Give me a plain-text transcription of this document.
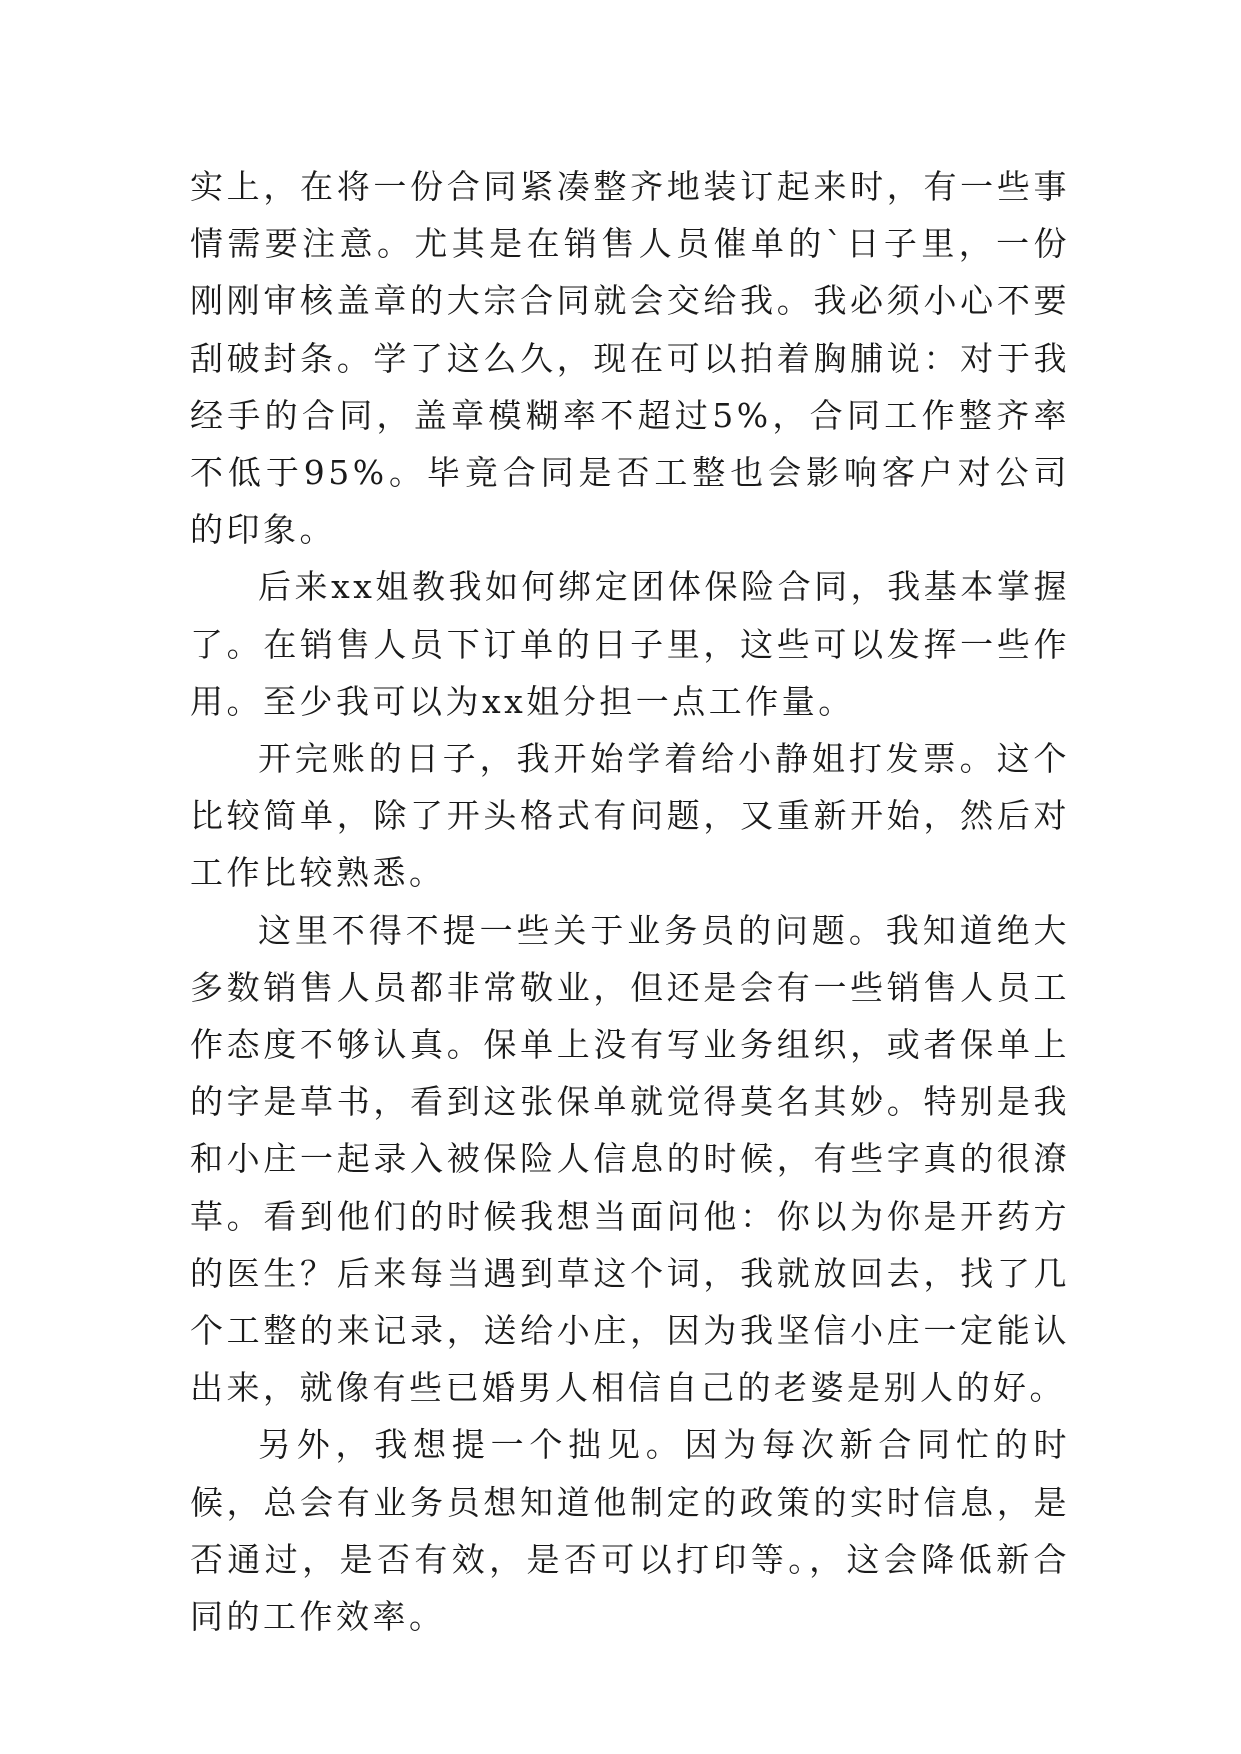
实上，在将一份合同紧凑整齐地装订起来时，有一些事情需要注意。尤其是在销售人员催单的`日子里，一份刚刚审核盖章的大宗合同就会交给我。我必须小心不要刮破封条。学了这么久，现在可以拍着胸脯说：对于我经手的合同，盖章模糊率不超过5%，合同工作整齐率不低于95%。毕竟合同是否工整也会影响客户对公司的印象。

后来xx姐教我如何绑定团体保险合同，我基本掌握了。在销售人员下订单的日子里，这些可以发挥一些作用。至少我可以为xx姐分担一点工作量。

开完账的日子，我开始学着给小静姐打发票。这个比较简单，除了开头格式有问题，又重新开始，然后对工作比较熟悉。

这里不得不提一些关于业务员的问题。我知道绝大多数销售人员都非常敬业，但还是会有一些销售人员工作态度不够认真。保单上没有写业务组织，或者保单上的字是草书，看到这张保单就觉得莫名其妙。特别是我和小庄一起录入被保险人信息的时候，有些字真的很潦草。看到他们的时候我想当面问他：你以为你是开药方的医生？后来每当遇到草这个词，我就放回去，找了几个工整的来记录，送给小庄，因为我坚信小庄一定能认出来，就像有些已婚男人相信自己的老婆是别人的好。

另外，我想提一个拙见。因为每次新合同忙的时候，总会有业务员想知道他制定的政策的实时信息，是否通过，是否有效，是否可以打印等。，这会降低新合同的工作效率。
